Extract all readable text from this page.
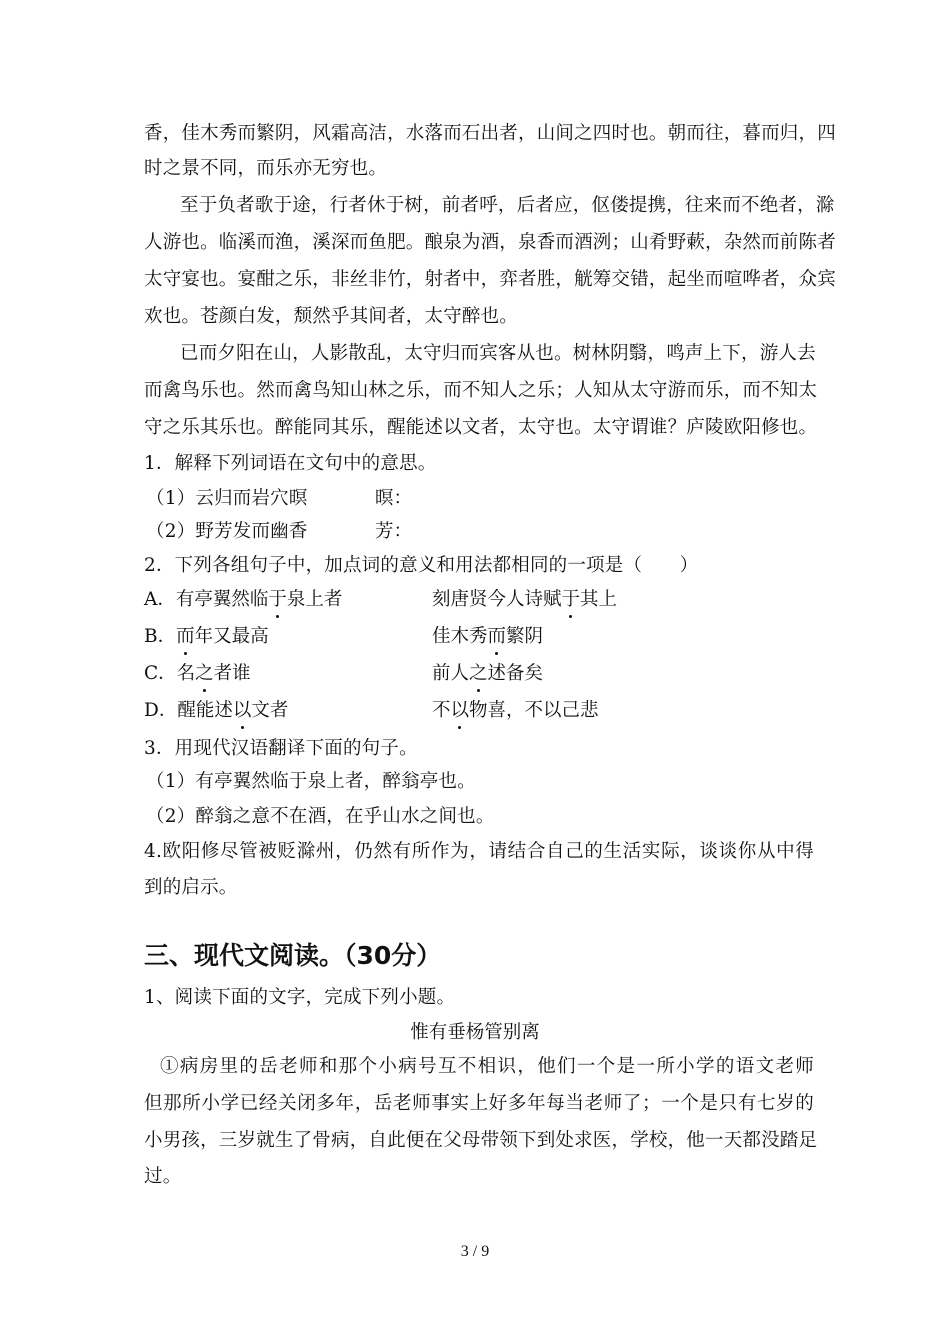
香，佳木秀而繁阴，风霜高洁，水落而石出者，山间之四时也。朝而往，暮而归，四
时之景不同，而乐亦无穷也。
至于负者歌于途，行者休于树，前者呼，后者应，伛偻提携，往来而不绝者，滁
人游也。临溪而渔，溪深而鱼肥。酿泉为酒，泉香而酒洌；山肴野蔌，杂然而前陈者
太守宴也。宴酣之乐，非丝非竹，射者中，弈者胜，觥筹交错，起坐而喧哗者，众宾
欢也。苍颜白发，颓然乎其间者，太守醉也。
已而夕阳在山，人影散乱，太守归而宾客从也。树林阴翳，鸣声上下，游人去
而禽鸟乐也。然而禽鸟知山林之乐，而不知人之乐；人知从太守游而乐，而不知太
守之乐其乐也。醉能同其乐，醒能述以文者，太守也。太守谓谁？庐陵欧阳修也。
1．解释下列词语在文句中的意思。
（1）云归而岩穴暝	暝：
（2）野芳发而幽香	芳：
2．下列各组句子中，加点词的意义和用法都相同的一项是（　　）
A．有亭翼然临于泉上者	刻唐贤今人诗赋于其上
B．而年又最高	佳木秀而繁阴
C．名之者谁	前人之述备矣
D．醒能述以文者	不以物喜，不以己悲
3．用现代汉语翻译下面的句子。
（1）有亭翼然临于泉上者，醉翁亭也。
（2）醉翁之意不在酒，在乎山水之间也。
4.欧阳修尽管被贬滁州，仍然有所作为，请结合自己的生活实际，谈谈你从中得
到的启示。
三、现代文阅读。（30分）
1、阅读下面的文字，完成下列小题。
惟有垂杨管别离
①病房里的岳老师和那个小病号互不相识，他们一个是一所小学的语文老师
但那所小学已经关闭多年，岳老师事实上好多年每当老师了；一个是只有七岁的
小男孩，三岁就生了骨病，自此便在父母带领下到处求医，学校，他一天都没踏足
过。
3 / 9
